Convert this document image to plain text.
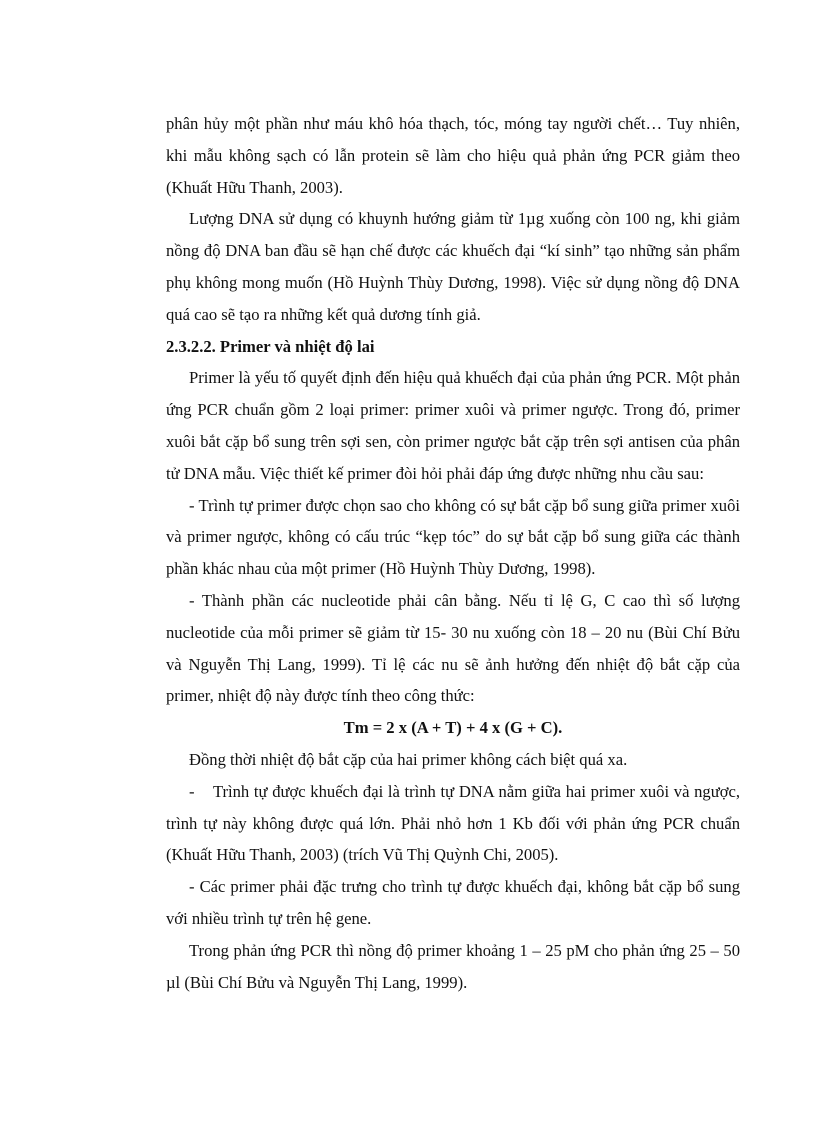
phân hủy một phần như máu khô hóa thạch, tóc, móng tay người chết… Tuy nhiên, khi mẫu không sạch có lẫn protein sẽ làm cho hiệu quả phản ứng PCR giảm theo (Khuất Hữu Thanh, 2003).

Lượng DNA sử dụng có khuynh hướng giảm từ 1µg xuống còn 100 ng, khi giảm nồng độ DNA ban đầu sẽ hạn chế được các khuếch đại “kí sinh” tạo những sản phẩm phụ không mong muốn (Hồ Huỳnh Thùy Dương, 1998). Việc sử dụng nồng độ DNA quá cao sẽ tạo ra những kết quả dương tính giả.

2.3.2.2. Primer và nhiệt độ lai

Primer là yếu tố quyết định đến hiệu quả khuếch đại của phản ứng PCR. Một phản ứng PCR chuẩn gồm 2 loại primer: primer xuôi và primer ngược. Trong đó, primer xuôi bắt cặp bổ sung trên sợi sen, còn primer ngược bắt cặp trên sợi antisen của phân tử DNA mẫu. Việc thiết kế primer đòi hỏi phải đáp ứng được những nhu cầu sau:

- Trình tự primer được chọn sao cho không có sự bắt cặp bổ sung giữa primer xuôi và primer ngược, không có cấu trúc “kẹp tóc” do sự bắt cặp bổ sung giữa các thành phần khác nhau của một primer (Hồ Huỳnh Thùy Dương, 1998).

- Thành phần các nucleotide phải cân bằng. Nếu tỉ lệ G, C cao thì số lượng nucleotide của mỗi primer sẽ giảm từ 15- 30 nu xuống còn 18 – 20 nu (Bùi Chí Bửu và Nguyễn Thị Lang, 1999). Tỉ lệ các nu sẽ ảnh hưởng đến nhiệt độ bắt cặp của primer, nhiệt độ này được tính theo công thức:

Tm = 2 x (A + T) + 4 x (G + C).

Đồng thời nhiệt độ bắt cặp của hai primer không cách biệt quá xa.

-    Trình tự được khuếch đại là trình tự DNA nằm giữa hai primer xuôi và ngược, trình tự này không được quá lớn. Phải nhỏ hơn 1 Kb đối với phản ứng PCR chuẩn (Khuất Hữu Thanh, 2003) (trích Vũ Thị Quỳnh Chi, 2005).

- Các primer phải đặc trưng cho trình tự được khuếch đại, không bắt cặp bổ sung với nhiều trình tự trên hệ gene.

Trong phản ứng PCR thì nồng độ primer khoảng 1 – 25 pM cho phản ứng 25 – 50 µl (Bùi Chí Bửu và Nguyễn Thị Lang, 1999).
